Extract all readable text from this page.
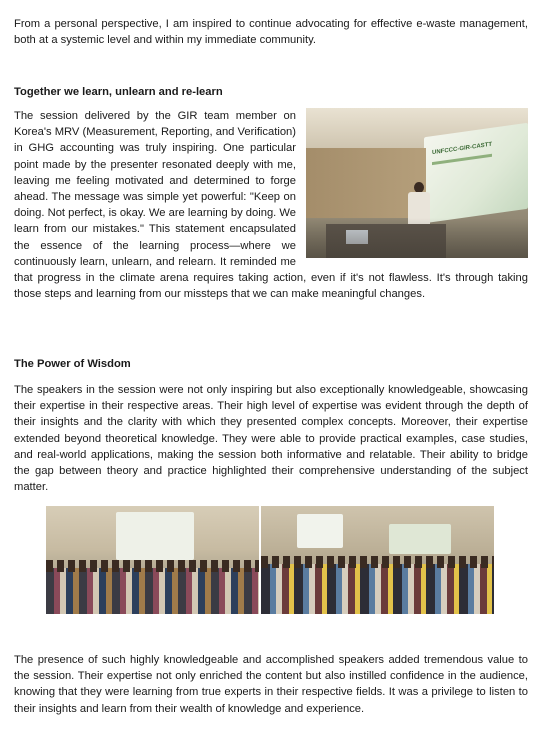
From a personal perspective, I am inspired to continue advocating for effective e-waste management, both at a systemic level and within my immediate community.

Together we learn, unlearn and re-learn
UNFCCC-GIR-CASTT

The session delivered by the GIR team member on Korea's MRV (Measurement, Reporting, and Verification) in GHG accounting was truly inspiring. One particular point made by the presenter resonated deeply with me, leaving me feeling motivated and determined to forge ahead. The message was simple yet powerful: "Keep on doing. Not perfect, is okay. We are learning by doing. We learn from our mistakes." This statement encapsulated the essence of the learning process—where we continuously learn, unlearn, and relearn. It reminded me that progress in the climate arena requires taking action, even if it's not flawless. It's through taking those steps and learning from our missteps that we can make meaningful changes.

The Power of Wisdom

The speakers in the session were not only inspiring but also exceptionally knowledgeable, showcasing their expertise in their respective areas. Their high level of expertise was evident through the depth of their insights and the clarity with which they presented complex concepts. Moreover, their expertise extended beyond theoretical knowledge. They were able to provide practical examples, case studies, and real-world applications, making the session both informative and relatable. Their ability to bridge the gap between theory and practice highlighted their comprehensive understanding of the subject matter.

The presence of such highly knowledgeable and accomplished speakers added tremendous value to the session. Their expertise not only enriched the content but also instilled confidence in the audience, knowing that they were learning from true experts in their respective fields. It was a privilege to listen to their insights and learn from their wealth of knowledge and experience.
